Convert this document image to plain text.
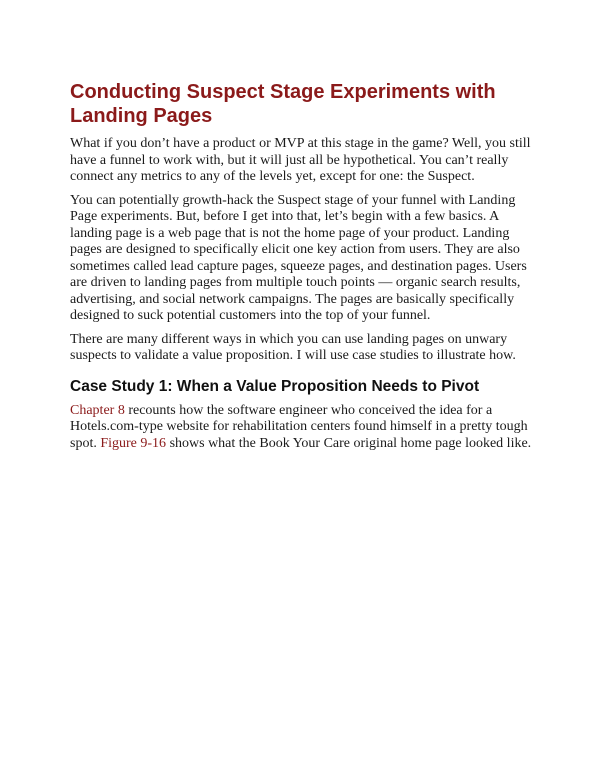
Conducting Suspect Stage Experiments with Landing Pages

What if you don’t have a product or MVP at this stage in the game? Well, you still have a funnel to work with, but it will just all be hypothetical. You can’t really connect any metrics to any of the levels yet, except for one: the Suspect.

You can potentially growth-hack the Suspect stage of your funnel with Landing Page experiments. But, before I get into that, let’s begin with a few basics. A landing page is a web page that is not the home page of your product. Landing pages are designed to specifically elicit one key action from users. They are also sometimes called lead capture pages, squeeze pages, and destination pages. Users are driven to landing pages from multiple touch points — organic search results, advertising, and social network campaigns. The pages are basically specifically designed to suck potential customers into the top of your funnel.

There are many different ways in which you can use landing pages on unwary suspects to validate a value proposition. I will use case studies to illustrate how.

Case Study 1: When a Value Proposition Needs to Pivot

Chapter 8 recounts how the software engineer who conceived the idea for a Hotels.com-type website for rehabilitation centers found himself in a pretty tough spot. Figure 9-16 shows what the Book Your Care original home page looked like.
